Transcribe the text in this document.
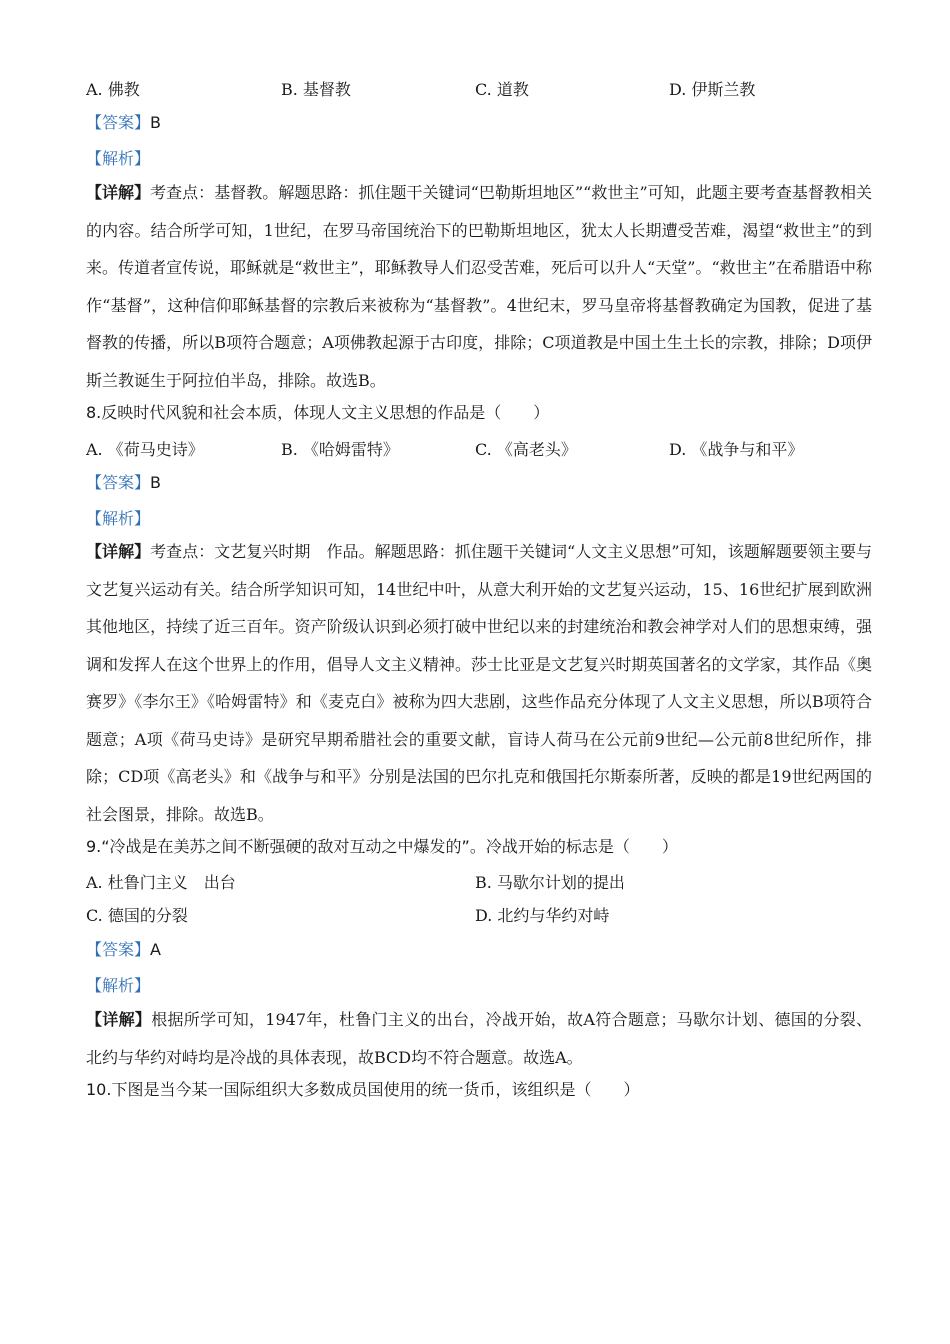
A. 佛教	B. 基督教	C. 道教	D. 伊斯兰教
【答案】B
【解析】

【详解】考查点：基督教。解题思路：抓住题干关键词“巴勒斯坦地区”“救世主”可知，此题主要考查基督教相关的内容。结合所学可知，1世纪，在罗马帝国统治下的巴勒斯坦地区，犹太人长期遭受苦难，渴望“救世主”的到来。传道者宣传说，耶稣就是“救世主”，耶稣教导人们忍受苦难，死后可以升人“天堂”。“救世主”在希腊语中称作“基督”，这种信仰耶稣基督的宗教后来被称为“基督教”。4世纪末，罗马皇帝将基督教确定为国教，促进了基督教的传播，所以B项符合题意；A项佛教起源于古印度，排除；C项道教是中国土生土长的宗教，排除；D项伊斯兰教诞生于阿拉伯半岛，排除。故选B。

8.反映时代风貌和社会本质，体现人文主义思想的作品是（　　）
A. 《荷马史诗》	B. 《哈姆雷特》	C. 《高老头》	D. 《战争与和平》
【答案】B
【解析】

【详解】考查点：文艺复兴时期　作品。解题思路：抓住题干关键词“人文主义思想”可知，该题解题要领主要与文艺复兴运动有关。结合所学知识可知，14世纪中叶，从意大利开始的文艺复兴运动，15、16世纪扩展到欧洲其他地区，持续了近三百年。资产阶级认识到必须打破中世纪以来的封建统治和教会神学对人们的思想束缚，强调和发挥人在这个世界上的作用，倡导人文主义精神。莎士比亚是文艺复兴时期英国著名的文学家，其作品《奥赛罗》《李尔王》《哈姆雷特》和《麦克白》被称为四大悲剧，这些作品充分体现了人文主义思想，所以B项符合题意；A项《荷马史诗》是研究早期希腊社会的重要文献，盲诗人荷马在公元前9世纪—公元前8世纪所作，排除；CD项《高老头》和《战争与和平》分别是法国的巴尔扎克和俄国托尔斯泰所著，反映的都是19世纪两国的社会图景，排除。故选B。

9.“冷战是在美苏之间不断强硬的敌对互动之中爆发的”。冷战开始的标志是（　　）
A. 杜鲁门主义　出台	B. 马歇尔计划的提出
C. 德国的分裂	D. 北约与华约对峙
【答案】A
【解析】

【详解】根据所学可知，1947年，杜鲁门主义的出台，冷战开始，故A符合题意；马歇尔计划、德国的分裂、北约与华约对峙均是冷战的具体表现，故BCD均不符合题意。故选A。

10.下图是当今某一国际组织大多数成员国使用的统一货币，该组织是（　　）
